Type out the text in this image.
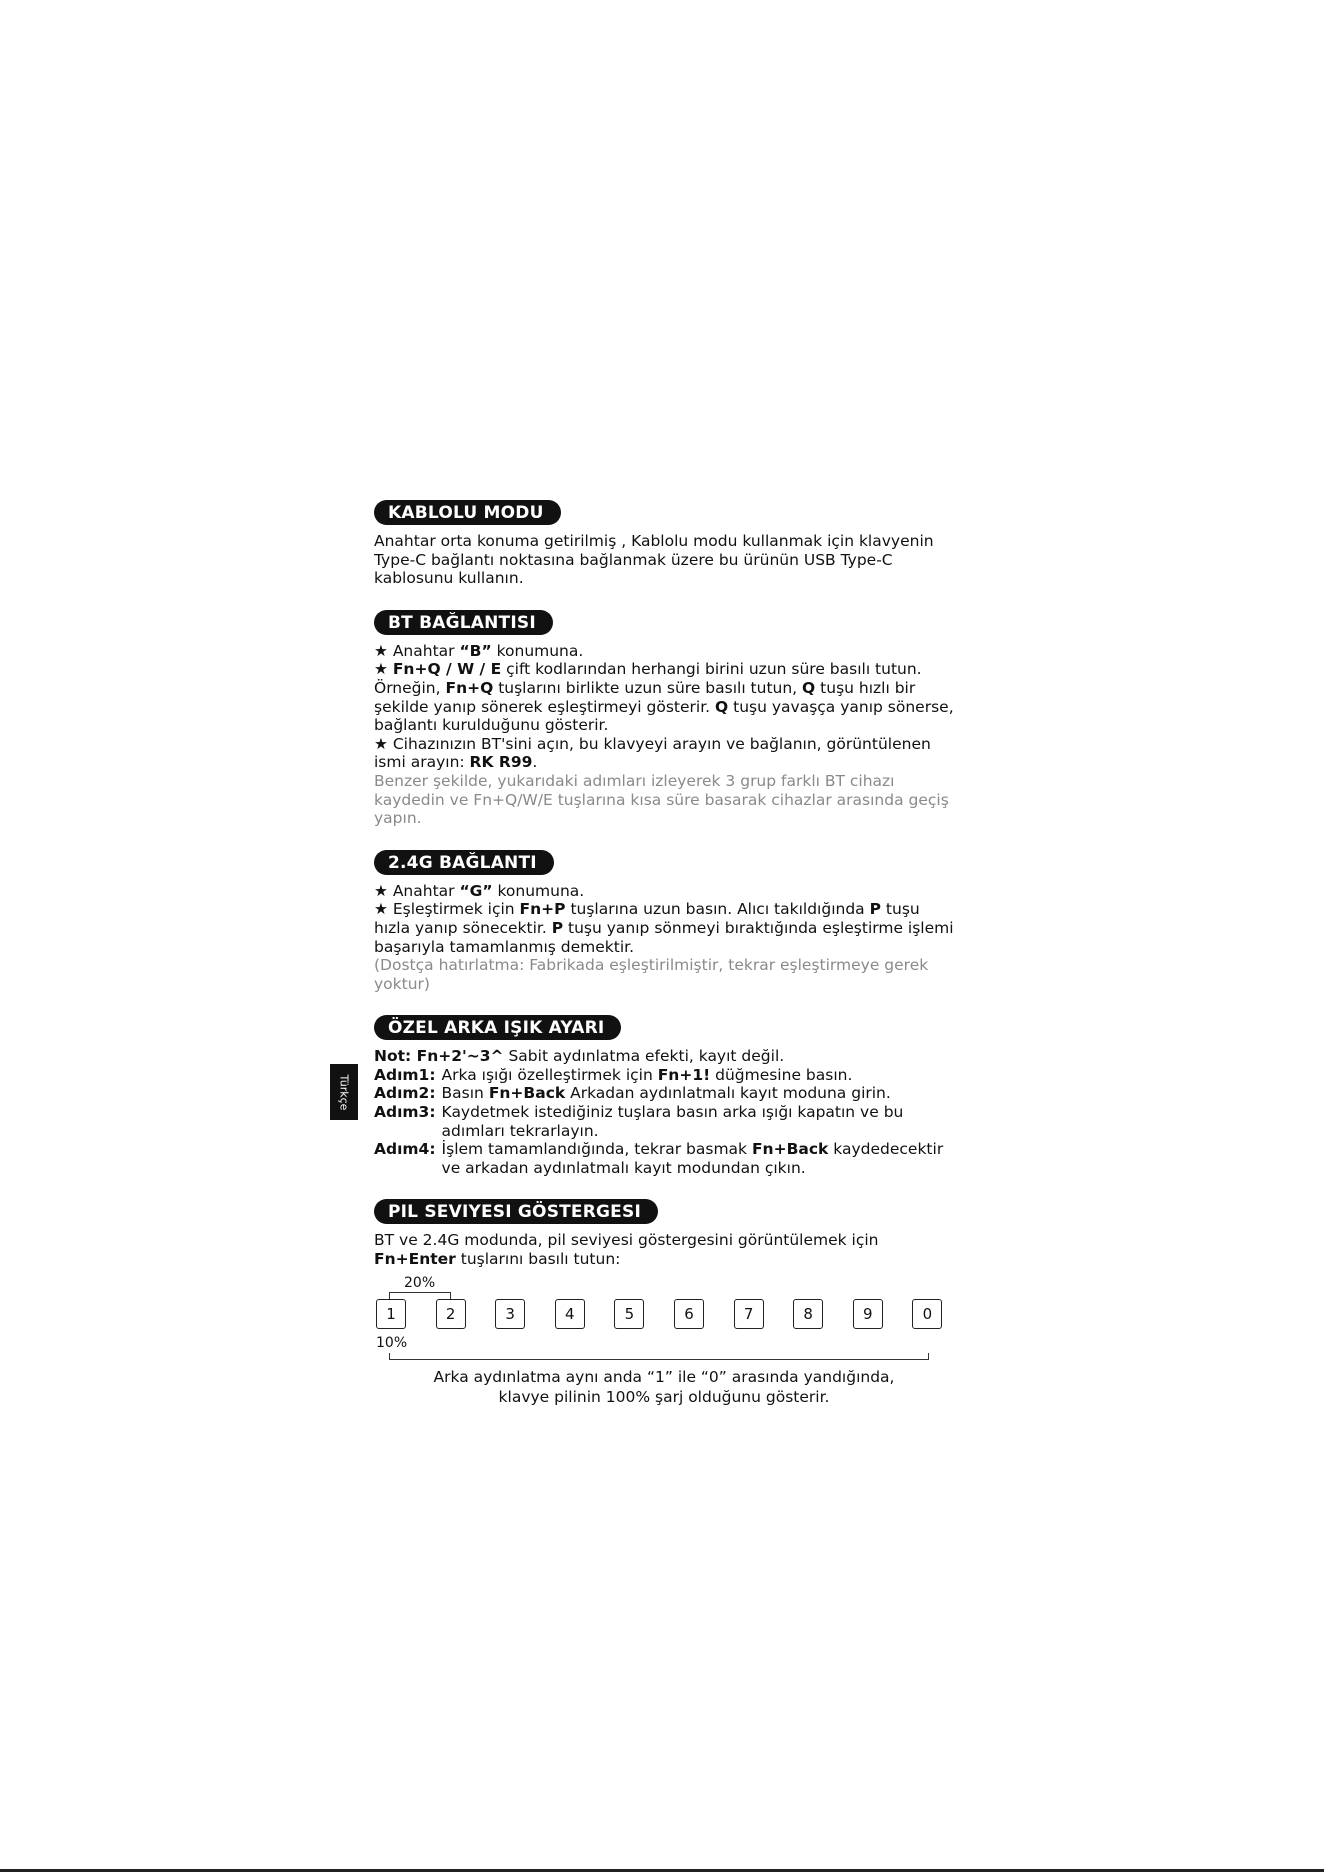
Türkçe
KABLOLU MODU

Anahtar orta konuma getirilmiş , Kablolu modu kullanmak için klavyenin Type-C bağlantı noktasına bağlanmak üzere bu ürünün USB Type-C kablosunu kullanın.

BT BAĞLANTISI

★ Anahtar “B” konumuna.

★ Fn+Q / W / E çift kodlarından herhangi birini uzun süre basılı tutun.

Örneğin, Fn+Q tuşlarını birlikte uzun süre basılı tutun, Q tuşu hızlı bir şekilde yanıp sönerek eşleştirmeyi gösterir. Q tuşu yavaşça yanıp sönerse, bağlantı kurulduğunu gösterir.

★ Cihazınızın BT'sini açın, bu klavyeyi arayın ve bağlanın, görüntülenen ismi arayın: RK R99.

Benzer şekilde, yukarıdaki adımları izleyerek 3 grup farklı BT cihazı kaydedin ve Fn+Q/W/E tuşlarına kısa süre basarak cihazlar arasında geçiş yapın.

2.4G BAĞLANTI

★ Anahtar “G” konumuna.

★ Eşleştirmek için Fn+P tuşlarına uzun basın. Alıcı takıldığında P tuşu hızla yanıp sönecektir. P tuşu yanıp sönmeyi bıraktığında eşleştirme işlemi başarıyla tamamlanmış demektir.

(Dostça hatırlatma: Fabrikada eşleştirilmiştir, tekrar eşleştirmeye gerek yoktur)

ÖZEL ARKA IŞIK AYARI

Not: Fn+2'~3^ Sabit aydınlatma efekti, kayıt değil.

Adım1: Arka ışığı özelleştirmek için Fn+1! düğmesine basın.
Adım2: Basın Fn+Back Arkadan aydınlatmalı kayıt moduna girin.
Adım3: Kaydetmek istediğiniz tuşlara basın arka ışığı kapatın ve bu adımları tekrarlayın.
Adım4: İşlem tamamlandığında, tekrar basmak Fn+Back kaydedecektir ve arkadan aydınlatmalı kayıt modundan çıkın.
PIL SEVIYESI GÖSTERGESI

BT ve 2.4G modunda, pil seviyesi göstergesini görüntülemek için Fn+Enter tuşlarını basılı tutun:

20%
1	2	3	4	5	6	7	8	9	0
10%
Arka aydınlatma aynı anda “1” ile “0” arasında yandığında,
klavye pilinin 100% şarj olduğunu gösterir.
